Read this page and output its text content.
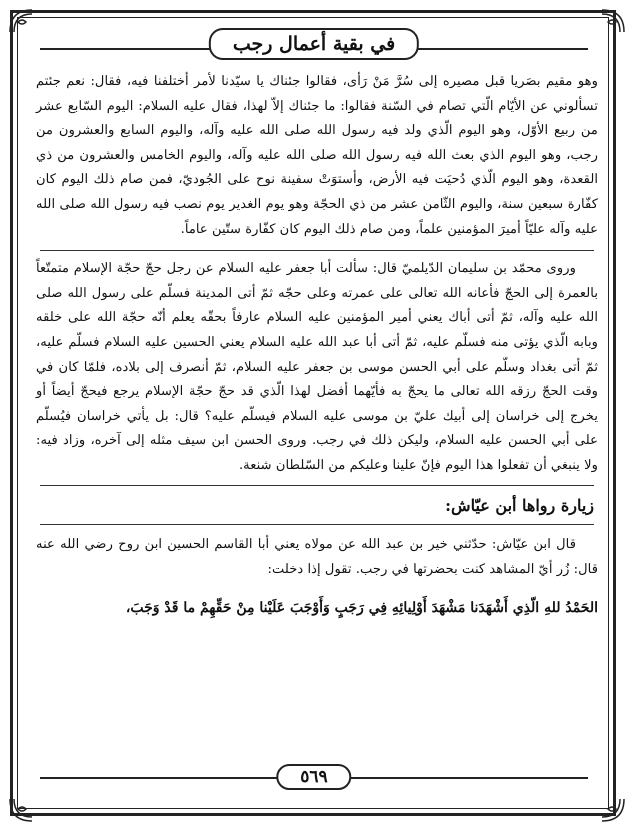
في بقية أعمال رجب

وهو مقيم بصَريا قبل مصيره إلى سُرَّ مَنْ رَأى، فقالوا جئناك يا سيّدنا لأمر أختلفنا فيه، فقال: نعم جئتم تسألوني عن الأيّام الّتي تصام في السّنة فقالوا: ما جئناك إلاّ لهذا، فقال عليه السلام: اليوم السّابع عشر من ربيع الأوّل، وهو اليوم الّذي ولد فيه رسول الله صلى الله عليه وآله، واليوم السابع والعشرون من رجب، وهو اليوم الذي بعث الله فيه رسول الله صلى الله عليه وآله، واليوم الخامس والعشرون من ذي القعدة، وهو اليوم الّذي دُحيَت فيه الأرض، وأستوَتْ سفينة نوح على الجُوديّ، فمن صام ذلك اليوم كان كفّارة سبعين سنة، واليوم الثّامن عشر من ذي الحجّة وهو يوم الغدير يوم نصب فيه رسول الله صلى الله عليه وآله عليّاً أميرَ المؤمنين علماً، ومن صام ذلك اليوم كان كفّارة ستّين عاماً.

وروى محمّد بن سليمان الدّيلميّ قال: سألت أبا جعفر عليه السلام عن رجل حجّ حجّة الإسلام متمتّعاً بالعمرة إلى الحجّ فأعانه الله تعالى على عمرته وعلى حجّه ثمّ أتى المدينة فسلّم على رسول الله صلى الله عليه وآله، ثمّ أتى أباك يعني أمير المؤمنين عليه السلام عارفاً بحقّه يعلم أنّه حجّة الله على خلقه وبابه الّذي يؤتى منه فسلّم عليه، ثمّ أتى أبا عبد الله عليه السلام يعني الحسين عليه السلام فسلّم عليه، ثمّ أتى بغداد وسلّم على أبي الحسن موسى بن جعفر عليه السلام، ثمّ أنصرف إلى بلاده، فلمّا كان في وقت الحجّ رزقه الله تعالى ما يحجّ به فأيّهما أفضل لهذا الّذي قد حجّ حجّة الإسلام يرجع فيحجّ أيضاً أو يخرج إلى خراسان إلى أبيك عليّ بن موسى عليه السلام فيسلّم عليه؟ قال: بل يأتي خراسان فيُسلّم على أبي الحسن عليه السلام، وليكن ذلك في رجب. وروى الحسن ابن سيف مثله إلى آخره، وزاد فيه: ولا ينبغي أن تفعلوا هذا اليوم فإنّ علينا وعليكم من السّلطان شنعة.

زيارة رواها أبن عيّاش:

قال ابن عيّاش: حدّثني خير بن عبد الله عن مولاه يعني أبا القاسم الحسين ابن روح رضي الله عنه قال: زُر أيّ المشاهد كنت بحضرتها في رجب. تقول إذا دخلت:

الحَمْدُ للهِ الّذِي أَشْهَدَنا مَشْهَدَ أَوْلِيائِهِ فِي رَجَبٍ وَأَوْجَبَ عَلَيْنا مِنْ حَقِّهِمْ ما قَدْ وَجَبَ،

٥٦٩
